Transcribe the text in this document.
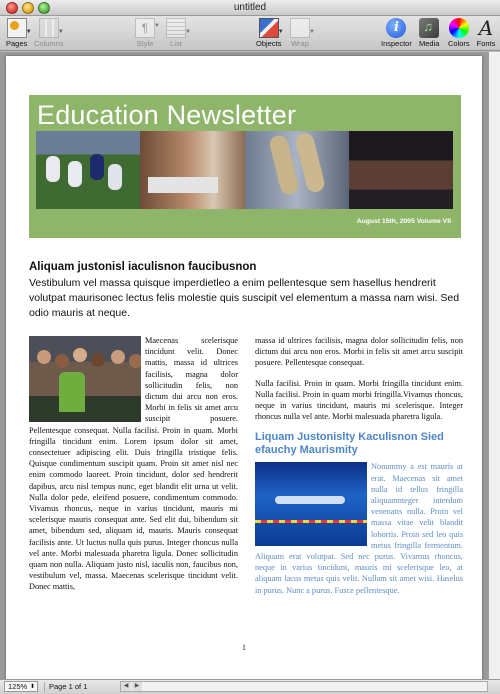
untitled
▼
Pages
▼
Columns
¶ ▼
Style
▼
List
▼
Objects
▼
Wrap
i
Inspector
♫ Media Colors
A
Fonts
Education Newsletter
August 15th, 2005 Volume VII
Aliquam justonisl iaculisnon faucibusnon
Vestibulum vel massa quisque imperdietleo a enim pellentesque sem hasellus hendrerit volutpat maurisonec lectus felis molestie quis suscipit vel elementum a massa nam wisi. Sed odio mauris at neque.
Maecenas scelerisque tincidunt velit. Donec mattis, massa id ultrices facilisis, magna dolor sollicitudin felis, non dictum dui arcu non eros. Morbi in felis sit amet arcu suscipit posuere. Pellentesque consequat. Nulla facilisi. Proin in quam. Morbi fringilla tincidunt enim. Lorem ipsum dolor sit amet, consectetuer adipiscing elit. Duis fringilla tristique felis. Quisque condimentum suscipit quam. Proin sit amet nisl nec enim commodo laoreet. Proin tincidunt, dolor sed hendrerit dapibus, arcu nisl tempus nunc, eget blandit elit urna ut velit. Nulla dolor pede, eleifend posuere, condimentum commodo. Vivamus rhoncus, neque in varius tincidunt, mauris mi scelerisque mauris consequat ante. Sed elit dui, bibendum sit amet, bibendum sed, aliquam id, mauris. Mauris consequat facilisis ante. Ut luctus nulla quis purus. Integer rhoncus nulla vel ante. Morbi malesuada pharetra ligula. Donec sollicitudin quam non nulla. Aliquam justo nisl, iaculis non, faucibus non, vestibulum vel, massa. Maecenas scelerisque tincidunt velit. Donec mattis,

massa id ultrices facilisis, magna dolor sollicitudin felis, non dictum dui arcu non eros. Morbi in felis sit amet arcu suscipit posuere. Pellentesque consequat.

Nulla facilisi. Proin in quam. Morbi fringilla tincidunt enim. Nulla facilisi. Proin in quam morbi fringilla.Vivamus rhoncus, neque in varius tincidunt, mauris mi scelerisque. Integer rhoncus nulla vel ante. Morbi malesuada pharetra ligula.

Liquam Justonislty Kaculisnon Sied efauchy Maurismity
Nonummy a est mauris at erat. Maecenas sit amet nulla id tellus fringilla aliquamnteger interdum venenatis nulla. Proin vel massa vitae velit blandit lobortis. Proin sed leo quis metus fringilla fermentum. Aliquam erat volutpat. Sed nec purus. Vivamus rhoncus, neque in varius tincidunt, mauris mi scelerisque leo, at aliquam lacus metus quis velit. Nullam sit amet wisi. Haselus in purus. Nunc a purus. Fusce pellentesque.
1
125% ⬍	Page 1 of 1	◀	▶
